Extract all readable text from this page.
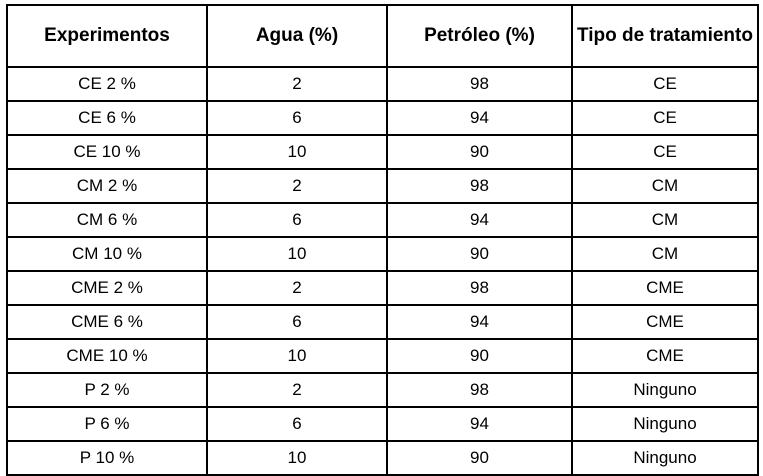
Experimentos	Agua (%)	Petróleo (%)	Tipo de tratamiento
CE 2 %	2	98	CE
CE 6 %	6	94	CE
CE 10 %	10	90	CE
CM 2 %	2	98	CM
CM 6 %	6	94	CM
CM 10 %	10	90	CM
CME 2 %	2	98	CME
CME 6 %	6	94	CME
CME 10 %	10	90	CME
P 2 %	2	98	Ninguno
P 6 %	6	94	Ninguno
P 10 %	10	90	Ninguno
